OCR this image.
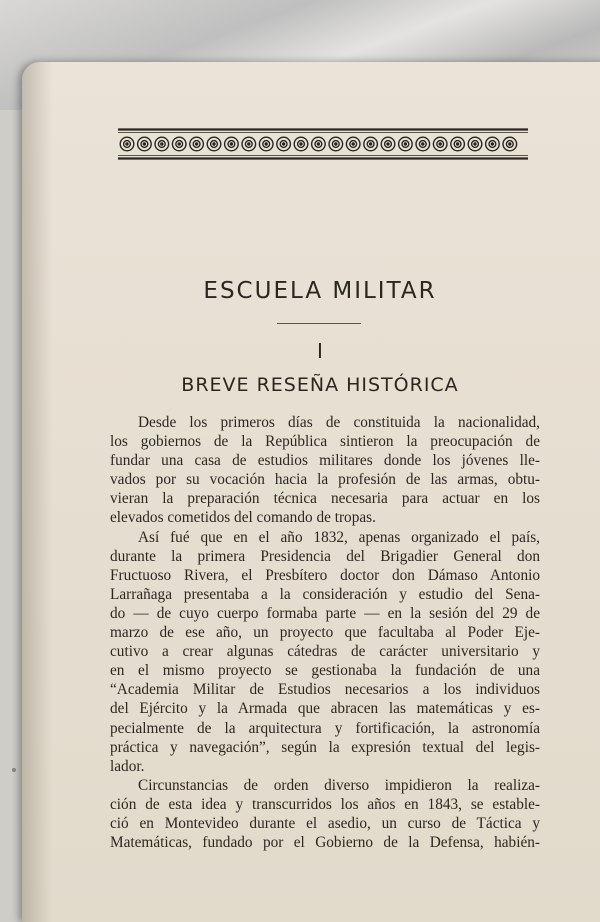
ESCUELA MILITAR
I
BREVE RESEÑA HISTÓRICA
Desde los primeros días de constituida la nacionalidad,
los gobiernos de la República sintieron la preocupación de
fundar una casa de estudios militares donde los jóvenes lle-
vados por su vocación hacia la profesión de las armas, obtu-
vieran la preparación técnica necesaria para actuar en los
elevados cometidos del comando de tropas.
Así fué que en el año 1832, apenas organizado el país,
durante la primera Presidencia del Brigadier General don
Fructuoso Rivera, el Presbítero doctor don Dámaso Antonio
Larrañaga presentaba a la consideración y estudio del Sena-
do — de cuyo cuerpo formaba parte — en la sesión del 29 de
marzo de ese año, un proyecto que facultaba al Poder Eje-
cutivo a crear algunas cátedras de carácter universitario y
en el mismo proyecto se gestionaba la fundación de una
“Academia Militar de Estudios necesarios a los individuos
del Ejército y la Armada que abracen las matemáticas y es-
pecialmente de la arquitectura y fortificación, la astronomía
práctica y navegación”, según la expresión textual del legis-
lador.
Circunstancias de orden diverso impidieron la realiza-
ción de esta idea y transcurridos los años en 1843, se estable-
ció en Montevideo durante el asedio, un curso de Táctica y
Matemáticas, fundado por el Gobierno de la Defensa, habién-
